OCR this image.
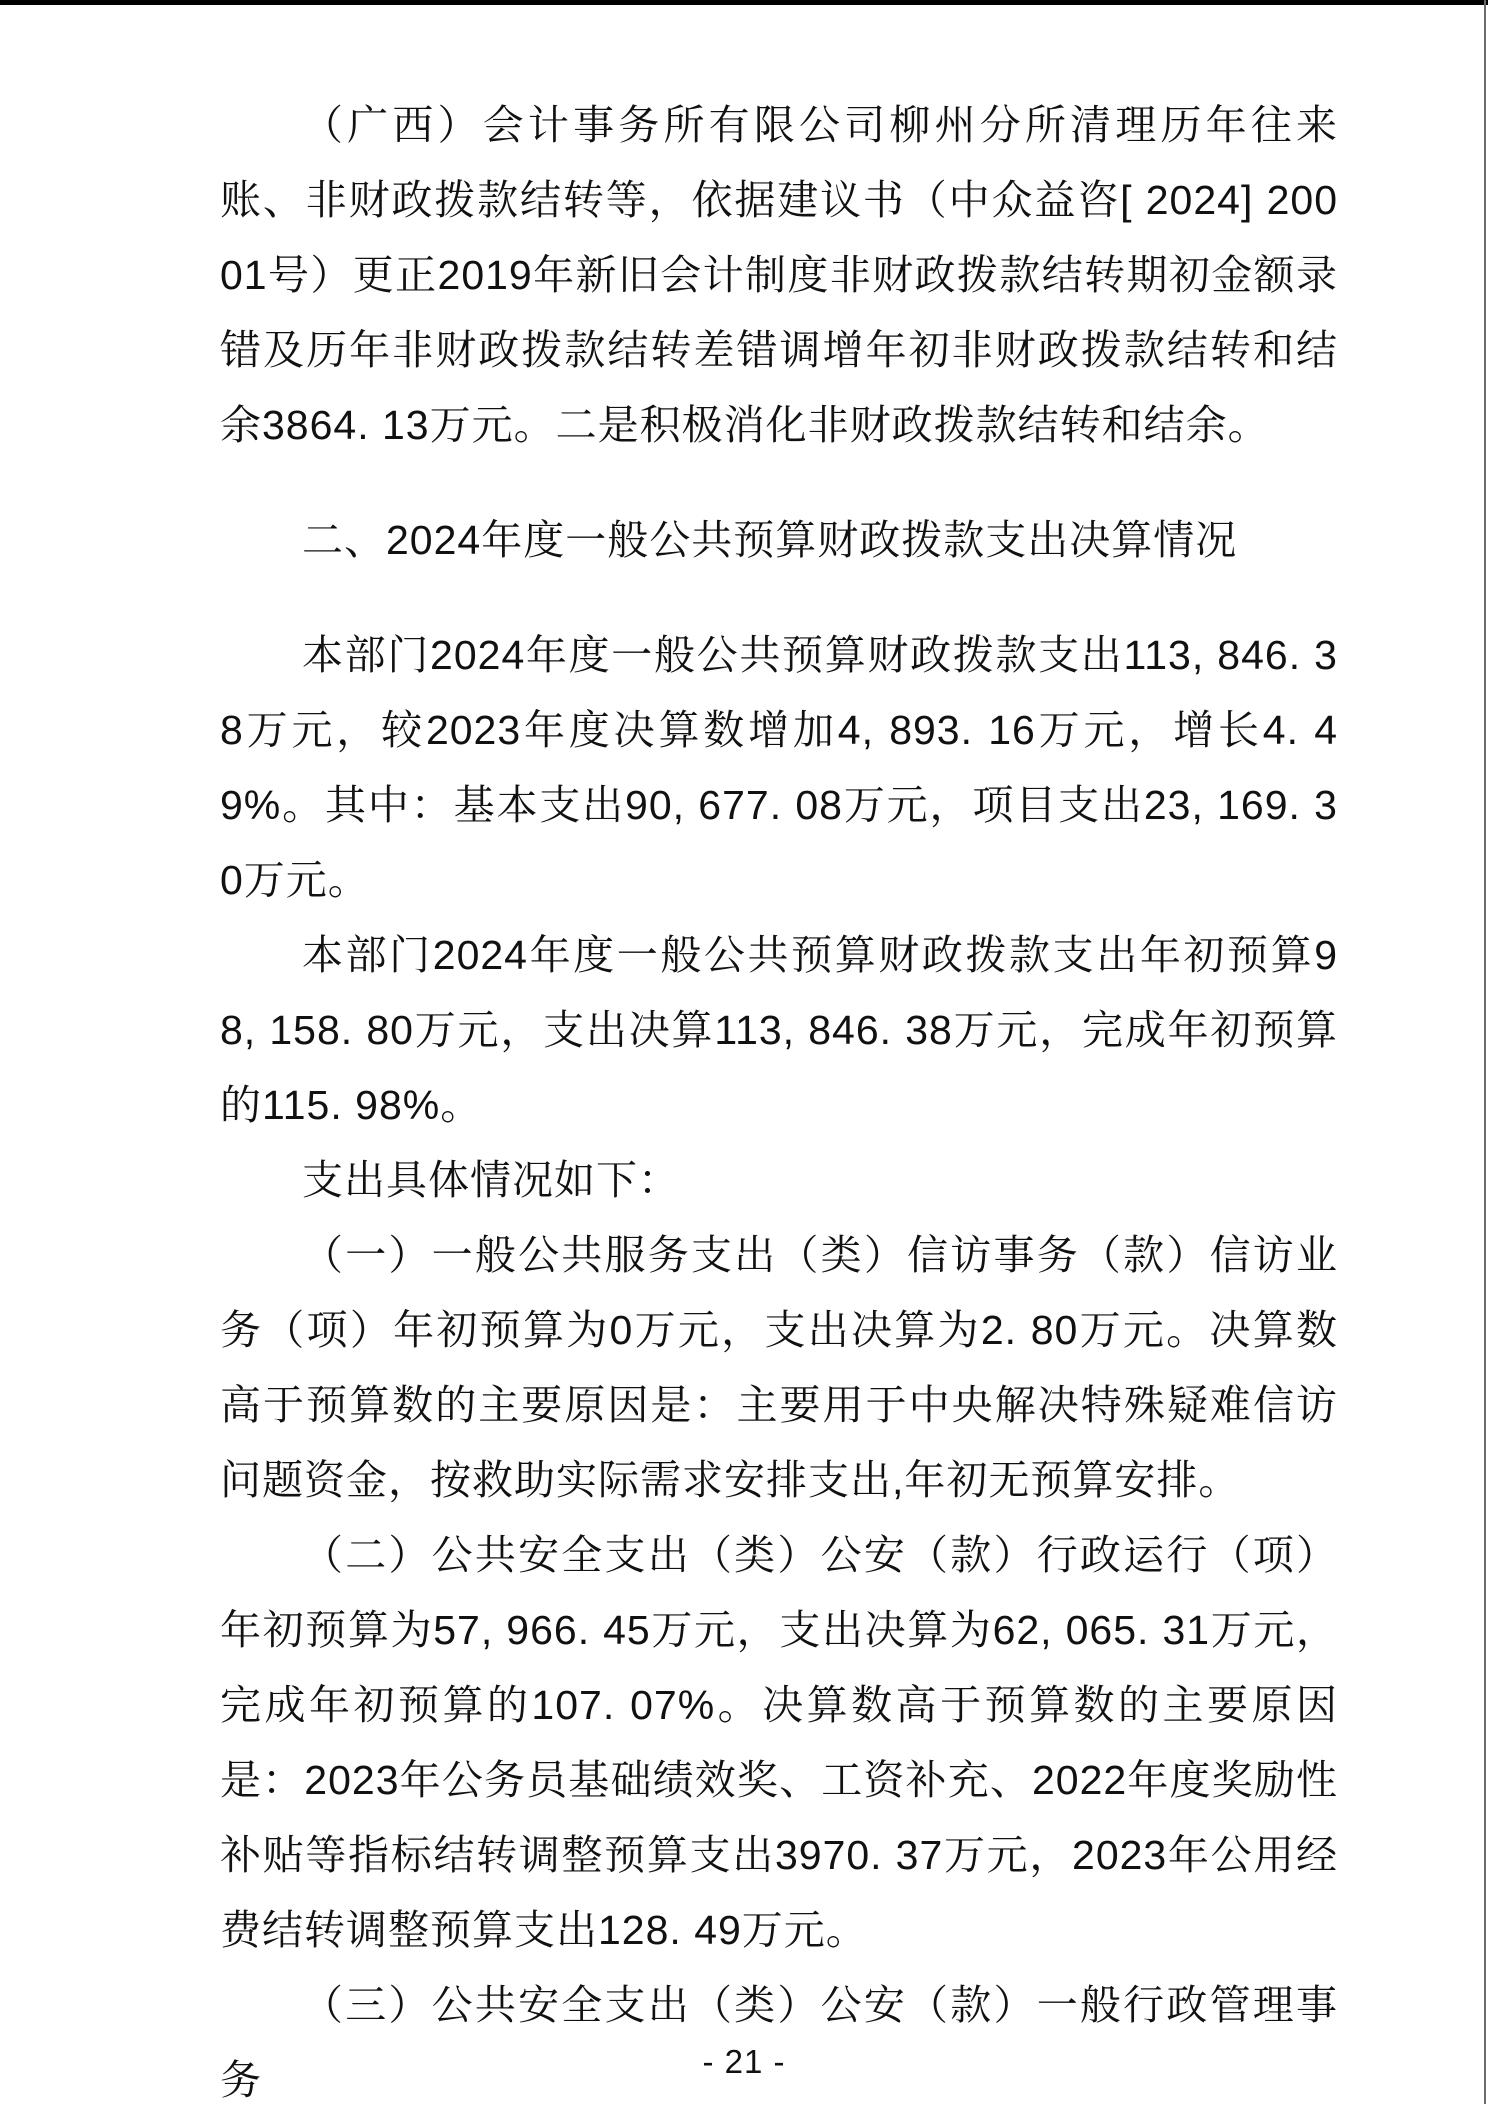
（广西）会计事务所有限公司柳州分所清理历年往来账、非财政拨款结转等，依据建议书（中众益咨[ 2024] 20001号）更正2019年新旧会计制度非财政拨款结转期初金额录错及历年非财政拨款结转差错调增年初非财政拨款结转和结余3864. 13万元。二是积极消化非财政拨款结转和结余。

二、2024年度一般公共预算财政拨款支出决算情况

本部门2024年度一般公共预算财政拨款支出113, 846. 38万元，较2023年度决算数增加4, 893. 16万元，增长4. 49%。其中：基本支出90, 677. 08万元，项目支出23, 169. 30万元。

本部门2024年度一般公共预算财政拨款支出年初预算98, 158. 80万元，支出决算113, 846. 38万元，完成年初预算的115. 98%。

支出具体情况如下：

（一）一般公共服务支出（类）信访事务（款）信访业务（项）年初预算为0万元，支出决算为2. 80万元。决算数高于预算数的主要原因是：主要用于中央解决特殊疑难信访问题资金，按救助实际需求安排支出,年初无预算安排。

（二）公共安全支出（类）公安（款）行政运行（项）年初预算为57, 966. 45万元，支出决算为62, 065. 31万元，完成年初预算的107. 07%。决算数高于预算数的主要原因是：2023年公务员基础绩效奖、工资补充、2022年度奖励性补贴等指标结转调整预算支出3970. 37万元，2023年公用经费结转调整预算支出128. 49万元。

（三）公共安全支出（类）公安（款）一般行政管理事务	- 21 -
